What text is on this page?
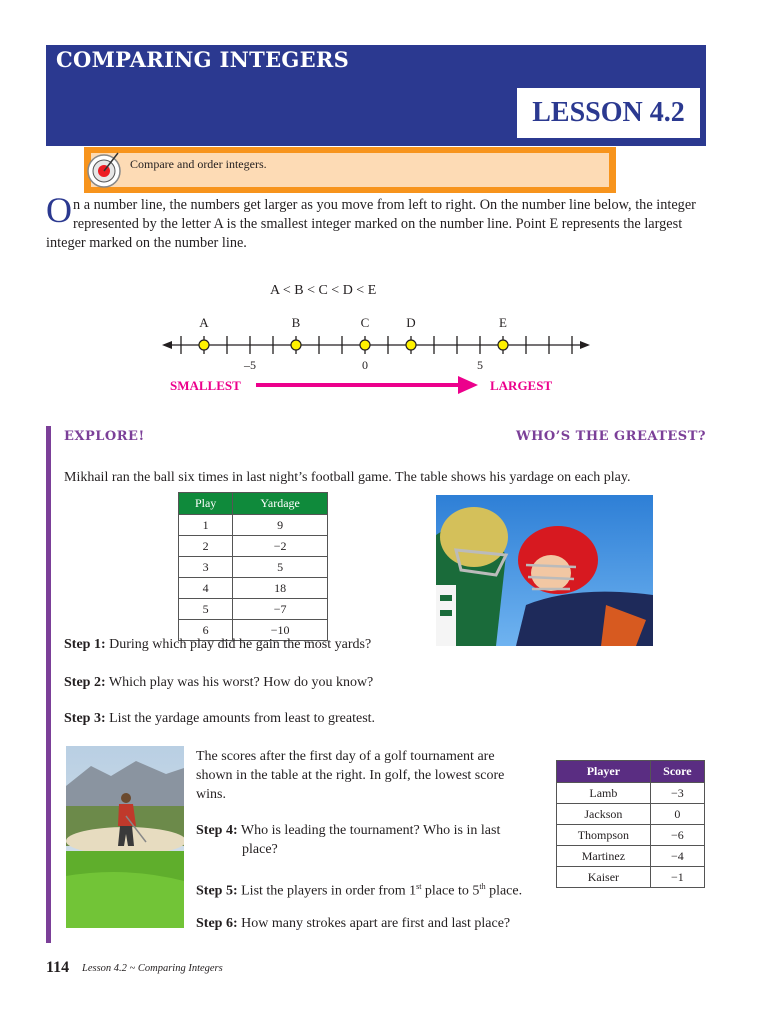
COMPARING INTEGERS
LESSON 4.2
Compare and order integers.
On a number line, the numbers get larger as you move from left to right. On the number line below, the integer represented by the letter A is the smallest integer marked on the number line. Point E represents the largest integer marked on the number line.
A < B < C < D < E
–5	0	5
A	B	C	D	E
SMALLEST	LARGEST
EXPLORE!	WHO’S THE GREATEST?
Mikhail ran the ball six times in last night’s football game. The table shows his yardage on each play.
Play	Yardage
1	9
2	−2
3	5
4	18
5	−7
6	−10
Step 1: During which play did he gain the most yards?
Step 2: Which play was his worst? How do you know?
Step 3: List the yardage amounts from least to greatest.
The scores after the first day of a golf tournament are shown in the table at the right. In golf, the lowest score wins.
Step 4: Who is leading the tournament? Who is in last
place?
Step 5: List the players in order from 1st place to 5th place.
Step 6: How many strokes apart are first and last place?
Player	Score
Lamb	−3
Jackson	0
Thompson	−6
Martinez	−4
Kaiser	−1
114 Lesson 4.2 ~ Comparing Integers
